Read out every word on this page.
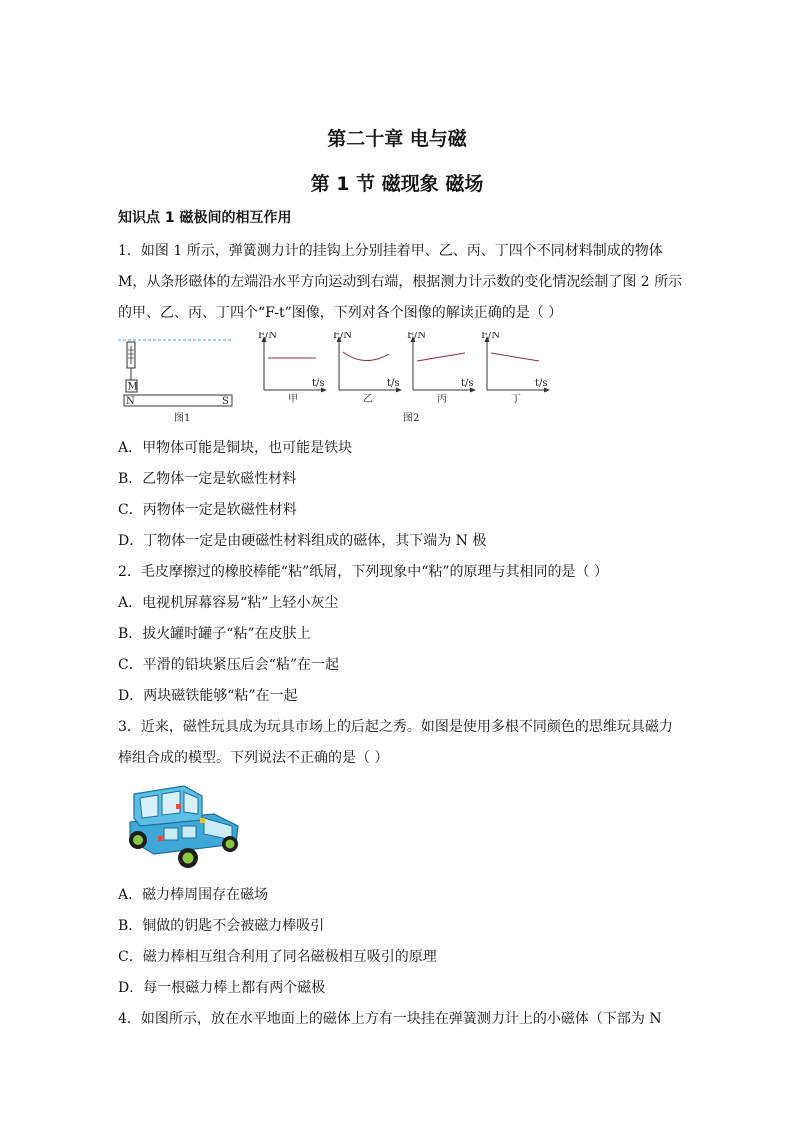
第二十章 电与磁
第 1 节 磁现象 磁场
知识点 1 磁极间的相互作用
1．如图 1 所示，弹簧测力计的挂钩上分别挂着甲、乙、丙、丁四个不同材料制成的物体
M，从条形磁体的左端沿水平方向运动到右端，根据测力计示数的变化情况绘制了图 2 所示
的甲、乙、丙、丁四个“F-t”图像，下列对各个图像的解读正确的是（ ）
M
N	S
图1
F/N
t/s
甲
F/N
t/s
乙
F/N
t/s
丙
图2
F/N
t/s
丁
A．甲物体可能是铜块，也可能是铁块
B．乙物体一定是软磁性材料
C．丙物体一定是软磁性材料
D．丁物体一定是由硬磁性材料组成的磁体，其下端为 N 极
2．毛皮摩擦过的橡胶棒能“粘”纸屑，下列现象中“粘”的原理与其相同的是（ ）
A．电视机屏幕容易“粘”上轻小灰尘
B．拔火罐时罐子“粘”在皮肤上
C．平滑的铅块紧压后会“粘”在一起
D．两块磁铁能够“粘”在一起
3．近来，磁性玩具成为玩具市场上的后起之秀。如图是使用多根不同颜色的思维玩具磁力
棒组合成的模型。下列说法不正确的是（ ）
A．磁力棒周围存在磁场
B．铜做的钥匙不会被磁力棒吸引
C．磁力棒相互组合利用了同名磁极相互吸引的原理
D．每一根磁力棒上都有两个磁极
4．如图所示，放在水平地面上的磁体上方有一块挂在弹簧测力计上的小磁体（下部为 N
